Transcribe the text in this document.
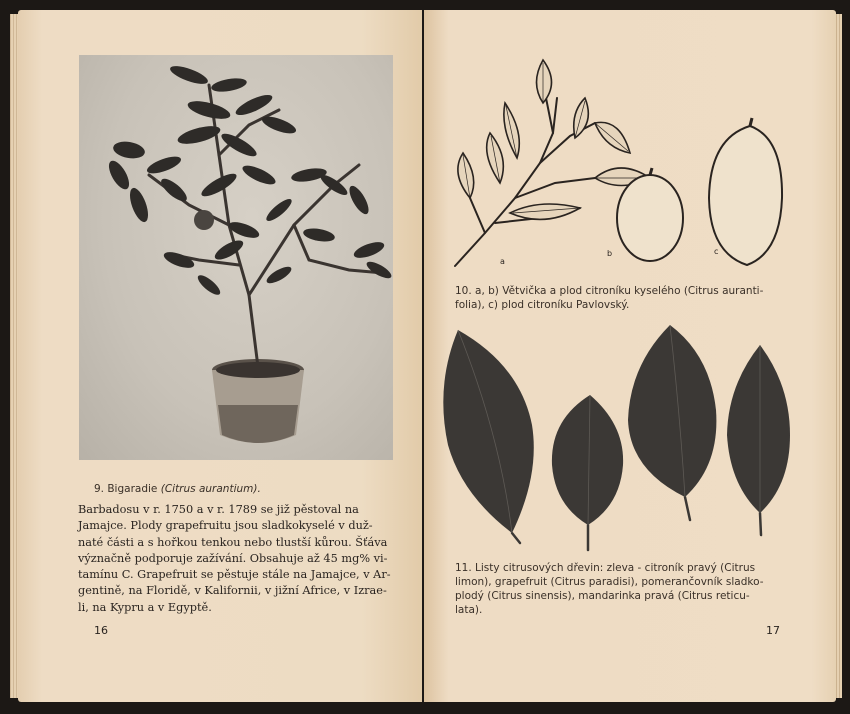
9. Bigaradie (Citrus aurantium).
Barbadosu v r. 1750 a v r. 1789 se již pěstoval na
Jamajce. Plody grapefruitu jsou sladkokyselé v duž-
naté části a s hořkou tenkou nebo tlustší kůrou. Šťáva
význačně podporuje zažívání. Obsahuje až 45 mg% vi-
tamínu C. Grapefruit se pěstuje stále na Jamajce, v Ar-
gentině, na Floridě, v Kalifornii, v jižní Africe, v Izrae-
li, na Kypru a v Egyptě.
16
a
b	c
10. a, b) Větvička a plod citroníku kyselého (Citrus auranti-
folia), c) plod citroníku Pavlovský.
11. Listy citrusových dřevin: zleva - citroník pravý (Citrus
limon), grapefruit (Citrus paradisi), pomerančovník sladko-
plodý (Citrus sinensis), mandarinka pravá (Citrus reticu-
lata).
17
